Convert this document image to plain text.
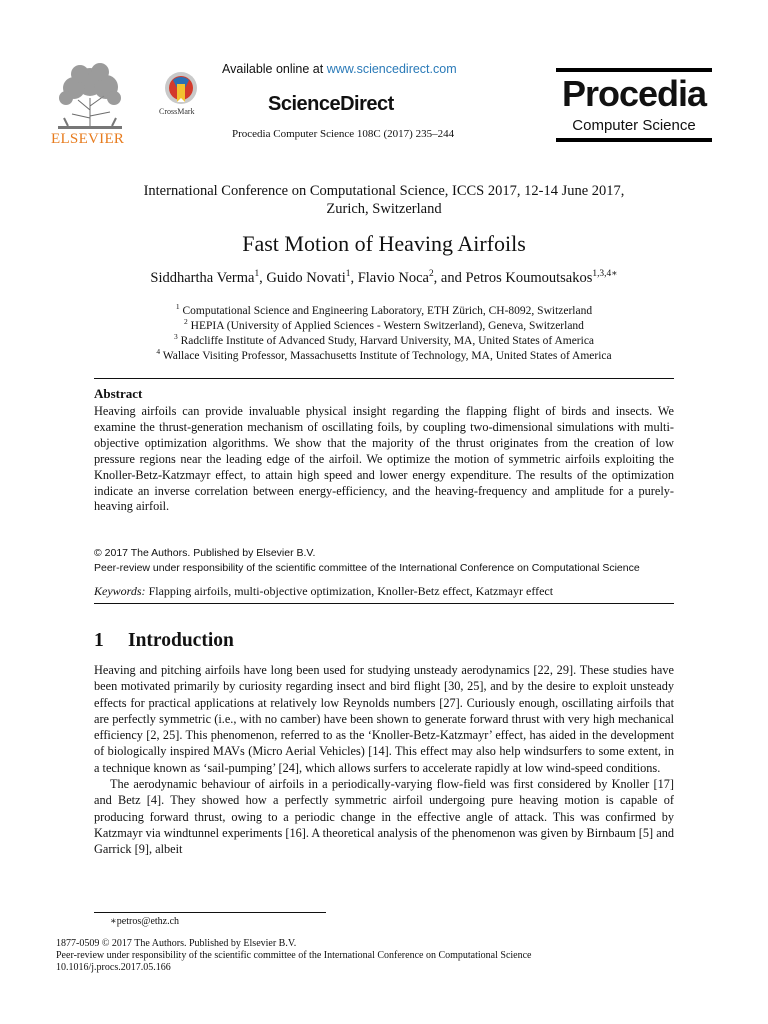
ELSEVIER
CrossMark
Available online at www.sciencedirect.com
ScienceDirect
Procedia Computer Science 108C (2017) 235–244
Procedia
Computer Science
International Conference on Computational Science, ICCS 2017, 12-14 June 2017,
Zurich, Switzerland
Fast Motion of Heaving Airfoils
Siddhartha Verma$^1$, Guido Novati$^1$, Flavio Noca$^2$, and Petros Koumoutsakos$^{1,3,4∗}$
$^1$ Computational Science and Engineering Laboratory, ETH Zürich, CH-8092, Switzerland
$^2$ HEPIA (University of Applied Sciences - Western Switzerland), Geneva, Switzerland
$^3$ Radcliffe Institute of Advanced Study, Harvard University, MA, United States of America
$^4$ Wallace Visiting Professor, Massachusetts Institute of Technology, MA, United States of America
Abstract
Heaving airfoils can provide invaluable physical insight regarding the flapping flight of birds and insects. We examine the thrust-generation mechanism of oscillating foils, by coupling two-dimensional simulations with multi-objective optimization algorithms. We show that the majority of the thrust originates from the creation of low pressure regions near the leading edge of the airfoil. We optimize the motion of symmetric airfoils exploiting the Knoller-Betz-Katzmayr effect, to attain high speed and lower energy expenditure. The results of the optimization indicate an inverse correlation between energy-efficiency, and the heaving-frequency and amplitude for a purely-heaving airfoil.
© 2017 The Authors. Published by Elsevier B.V.
Peer-review under responsibility of the scientific committee of the International Conference on Computational Science
Keywords: Flapping airfoils, multi-objective optimization, Knoller-Betz effect, Katzmayr effect
1 Introduction

Heaving and pitching airfoils have long been used for studying unsteady aerodynamics [22, 29]. These studies have been motivated primarily by curiosity regarding insect and bird flight [30, 25], and by the desire to exploit unsteady effects for practical applications at relatively low Reynolds numbers [27]. Curiously enough, oscillating airfoils that are perfectly symmetric (i.e., with no camber) have been shown to generate forward thrust with very high mechanical efficiency [2, 25]. This phenomenon, referred to as the ‘Knoller-Betz-Katzmayr’ effect, has aided in the development of biologically inspired MAVs (Micro Aerial Vehicles) [14]. This effect may also help windsurfers to some extent, in a technique known as ‘sail-pumping’ [24], which allows surfers to accelerate rapidly at low wind-speed conditions.

The aerodynamic behaviour of airfoils in a periodically-varying flow-field was first considered by Knoller [17] and Betz [4]. They showed how a perfectly symmetric airfoil undergoing pure heaving motion is capable of producing forward thrust, owing to a periodic change in the effective angle of attack. This was confirmed by Katzmayr via windtunnel experiments [16]. A theoretical analysis of the phenomenon was given by Birnbaum [5] and Garrick [9], albeit

∗petros@ethz.ch
1877-0509 © 2017 The Authors. Published by Elsevier B.V.
Peer-review under responsibility of the scientific committee of the International Conference on Computational Science
10.1016/j.procs.2017.05.166
